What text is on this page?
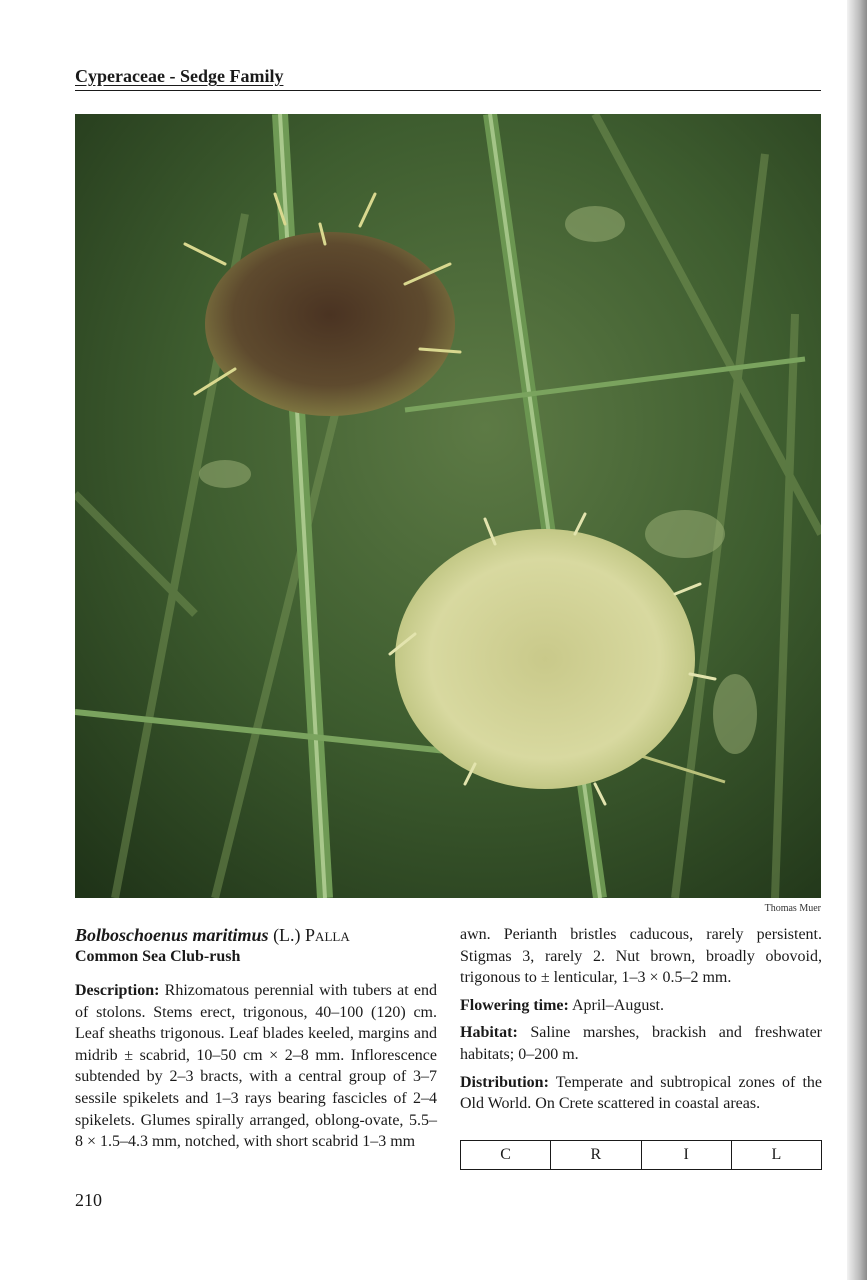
Cyperaceae - Sedge Family
Thomas Muer
Bolboschoenus maritimus (L.) Palla
Common Sea Club-rush

Description: Rhizomatous perennial with tubers at end of stolons. Stems erect, trigonous, 40–100 (120) cm. Leaf sheaths trigonous. Leaf blades keeled, margins and midrib ± scabrid, 10–50 cm × 2–8 mm. Inflorescence subtended by 2–3 bracts, with a central group of 3–7 sessile spikelets and 1–3 rays bearing fascicles of 2–4 spikelets. Glumes spirally arranged, oblong-ovate, 5.5–8 × 1.5–4.3 mm, notched, with short scabrid 1–3 mm

awn. Perianth bristles caducous, rarely persistent. Stigmas 3, rarely 2. Nut brown, broadly obovoid, trigonous to ± lenticular, 1–3 × 0.5–2 mm.

Flowering time: April–August.

Habitat: Saline marshes, brackish and freshwater habitats; 0–200 m.

Distribution: Temperate and subtropical zones of the Old World. On Crete scattered in coastal areas.

C	R	I	L
210
